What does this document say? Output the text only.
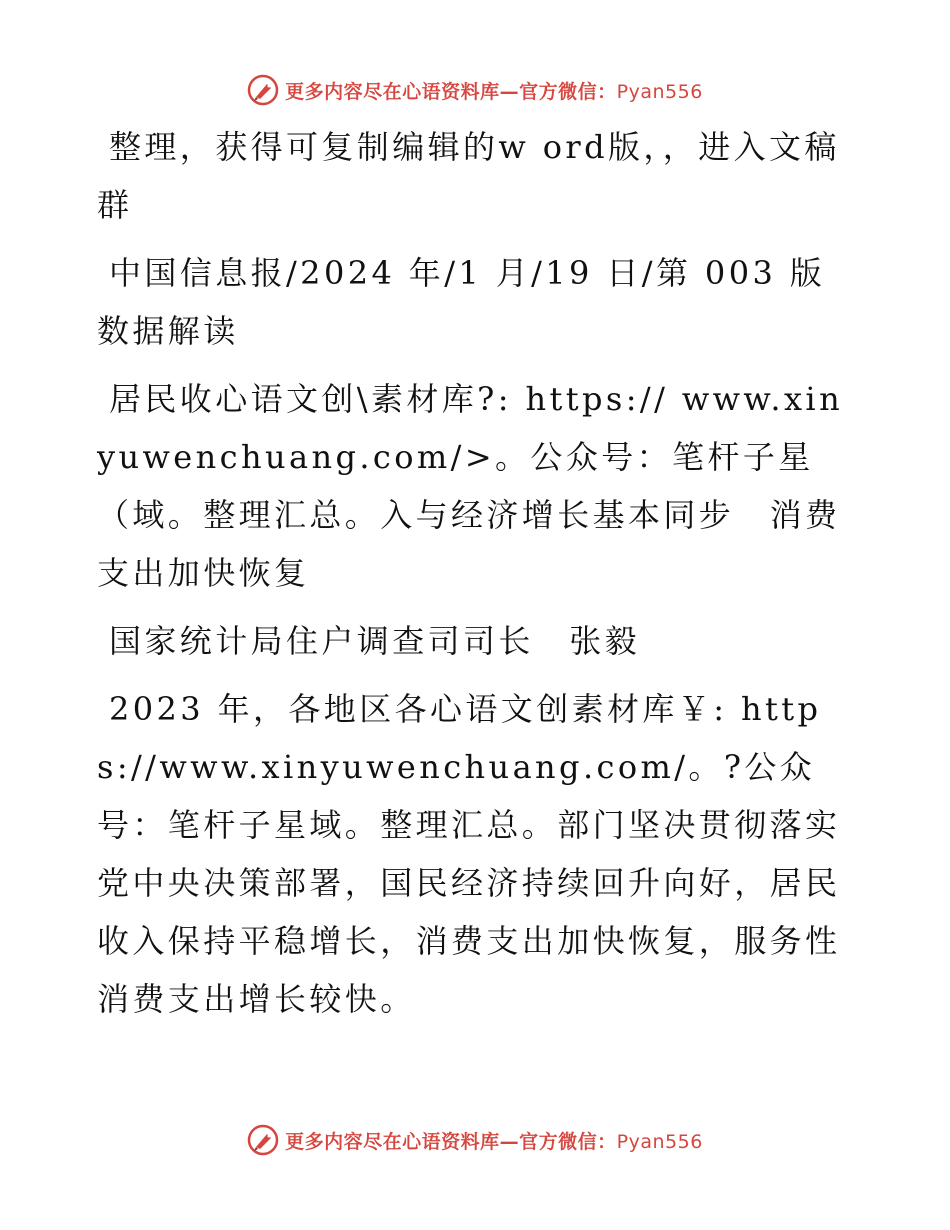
更多内容尽在心语资料库—官方微信：Pyan556

整理，获得可复制编辑的w ord版，，进入文稿群

中国信息报/2024 年/1 月/19 日/第 003 版数据解读

居民收心语文创\素材库?: https:// www.xinyuwenchuang.com/>。公众号：笔杆子星（域。整理汇总。入与经济增长基本同步　消费支出加快恢复

国家统计局住户调查司司长　张毅

2023 年，各地区各心语文创素材库￥: https://www.xinyuwenchuang.com/。?公众号：笔杆子星域。整理汇总。部门坚决贯彻落实党中央决策部署，国民经济持续回升向好，居民收入保持平稳增长，消费支出加快恢复，服务性消费支出增长较快。

更多内容尽在心语资料库—官方微信：Pyan556
